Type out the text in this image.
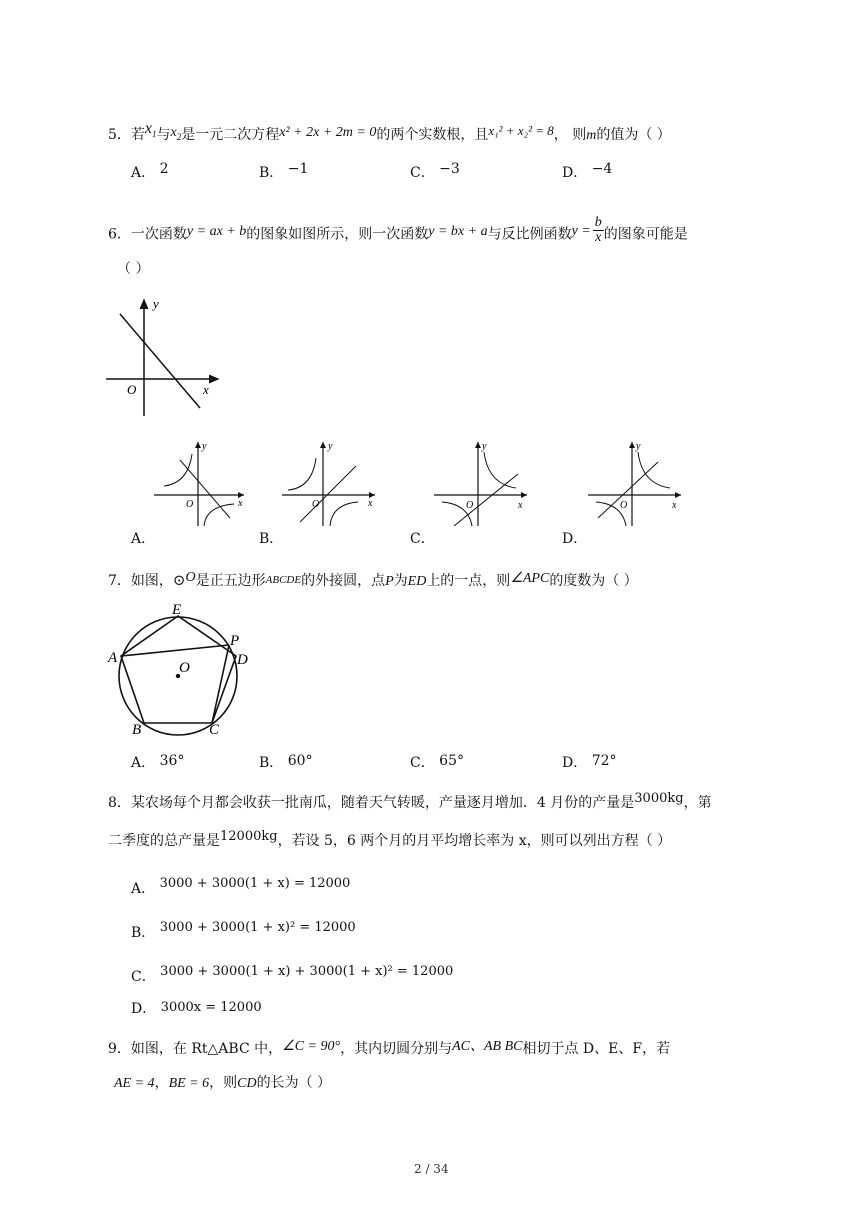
5．若$x_1$与$x_2$是一元二次方程x² + 2x + 2m = 0的两个实数根，且x₁² + x₂² = 8， 则m的值为（ ）
A． 2	B． −1	C． −3	D． −4
6．一次函数y = ax + b的图象如图所示，则一次函数y = bx + a与反比例函数$y = \frac{b}{x}$ 的图象可能是
（ ）
y
x
O
y
x
O
y
x
O
y
x
O
y
x
O
A．	B．	C．	D．
7．如图，⊙O是正五边形ABCDE的外接圆，点P为ED上的一点，则∠APC的度数为（ ）
E
A
P
D
O
B	C
A． 36°	B． 60°	C． 65°	D． 72°
8．某农场每个月都会收获一批南瓜，随着天气转暖，产量逐月增加．4 月份的产量是3000kg，第
二季度的总产量是12000kg，若设 5，6 两个月的月平均增长率为 x，则可以列出方程（ ）
A． 3000 + 3000(1 + x) = 12000
B． 3000 + 3000(1 + x)² = 12000
C． 3000 + 3000(1 + x) + 3000(1 + x)² = 12000
D． 3000x = 12000
9．如图，在 Rt△ABC 中，∠C = 90°，其内切圆分别与AC、AB BC相切于点 D、E、F，若
AE = 4，BE = 6，则CD的长为（ ）
2 / 34
